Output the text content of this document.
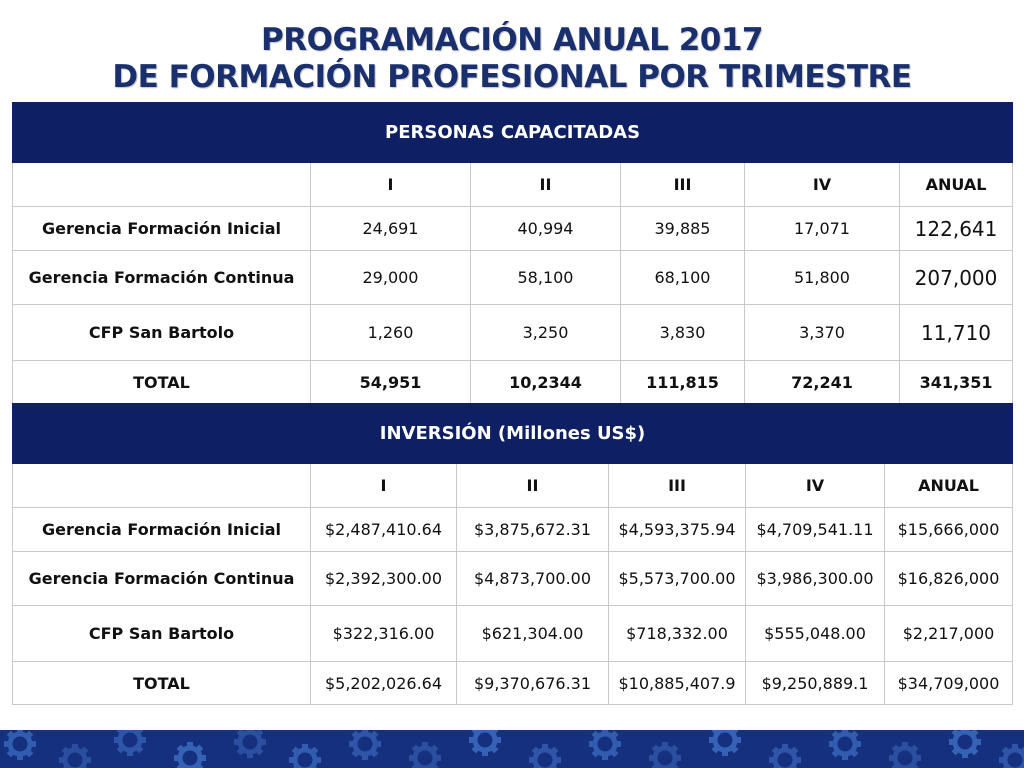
PROGRAMACIÓN ANUAL 2017
DE FORMACIÓN PROFESIONAL POR TRIMESTRE
PERSONAS CAPACITADAS					
	I	II	III	IV	ANUAL
Gerencia Formación Inicial	24,691	40,994	39,885	17,071	122,641
Gerencia Formación Continua	29,000	58,100	68,100	51,800	207,000
CFP San Bartolo	1,260	3,250	3,830	3,370	11,710
TOTAL	54,951	10,2344	111,815	72,241	341,351
INVERSIÓN (Millones US$)					
	I	II	III	IV	ANUAL
Gerencia Formación Inicial	$2,487,410.64	$3,875,672.31	$4,593,375.94	$4,709,541.11	$15,666,000
Gerencia Formación Continua	$2,392,300.00	$4,873,700.00	$5,573,700.00	$3,986,300.00	$16,826,000
CFP San Bartolo	$322,316.00	$621,304.00	$718,332.00	$555,048.00	$2,217,000
TOTAL	$5,202,026.64	$9,370,676.31	$10,885,407.9	$9,250,889.1	$34,709,000
